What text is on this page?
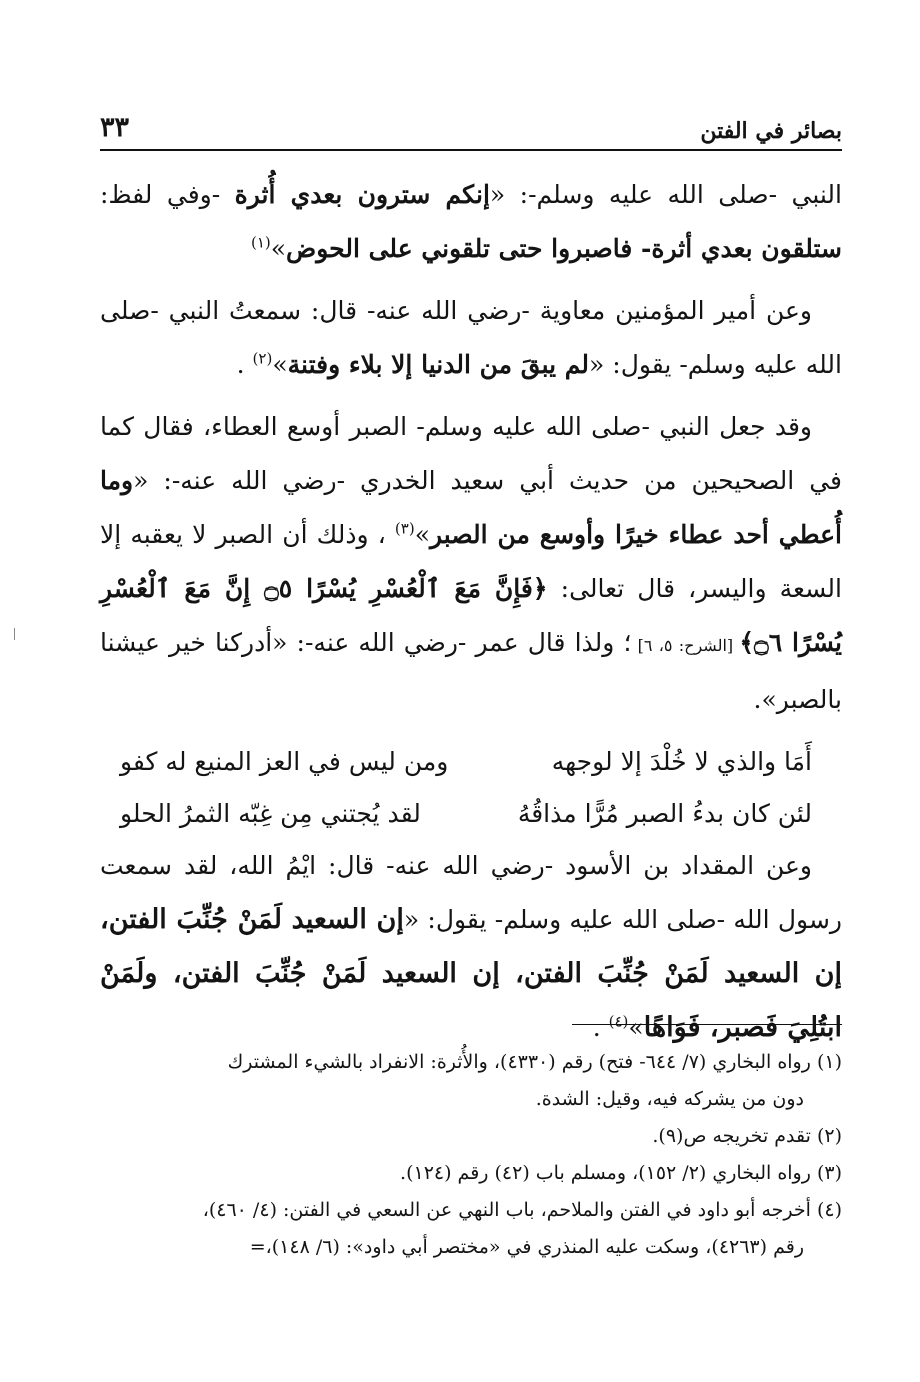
٣٣	بصائر في الفتن

النبي -صلى الله عليه وسلم-: «إنكم سترون بعدي أُثرة -وفي لفظ: ستلقون بعدي أثرة- فاصبروا حتى تلقوني على الحوض»$^{(١)}$

وعن أمير المؤمنين معاوية -رضي الله عنه- قال: سمعتُ النبي -صلى الله عليه وسلم- يقول: «لم يبقَ من الدنيا إلا بلاء وفتنة»$^{(٢)}$ .

وقد جعل النبي -صلى الله عليه وسلم- الصبر أوسع العطاء، فقال كما في الصحيحين من حديث أبي سعيد الخدري -رضي الله عنه-: «وما أُعطي أحد عطاء خيرًا وأوسع من الصبر»$^{(٣)}$ ، وذلك أن الصبر لا يعقبه إلا السعة واليسر، قال تعالى: ﴿فَإِنَّ مَعَ ٱلْعُسْرِ يُسْرًا ۝٥ إِنَّ مَعَ ٱلْعُسْرِ يُسْرًا ۝٦﴾ [الشرح: ٥، ٦] ؛ ولذا قال عمر -رضي الله عنه-: «أدركنا خير عيشنا بالصبر».

أَمَا والذي لا خُلْدَ إلا لوجهه
ومن ليس في العز المنيع له كفو
لئن كان بدءُ الصبر مُرًّا مذاقُهُ
لقد يُجتني مِن غِبّه الثمرُ الحلو

وعن المقداد بن الأسود -رضي الله عنه- قال: ايْمُ الله، لقد سمعت رسول الله -صلى الله عليه وسلم- يقول: «إن السعيد لَمَنْ جُنِّبَ الفتن، إن السعيد لَمَنْ جُنِّبَ الفتن، إن السعيد لَمَنْ جُنِّبَ الفتن، ولَمَنْ ابتُلِيَ فَصبر، فَوَاهًا»$^{(٤)}$ .

(١) رواه البخاري (٧/ ٦٤٤- فتح) رقم (٤٣٣٠)، والأُثرة: الانفراد بالشيء المشترك

دون من يشركه فيه، وقيل: الشدة.

(٢) تقدم تخريجه ص(٩).

(٣) رواه البخاري (٢/ ١٥٢)، ومسلم باب (٤٢) رقم (١٢٤).

(٤) أخرجه أبو داود في الفتن والملاحم، باب النهي عن السعي في الفتن: (٤/ ٤٦٠)،

رقم (٤٢٦٣)، وسكت عليه المنذري في «مختصر أبي داود»: (٦/ ١٤٨)،=
